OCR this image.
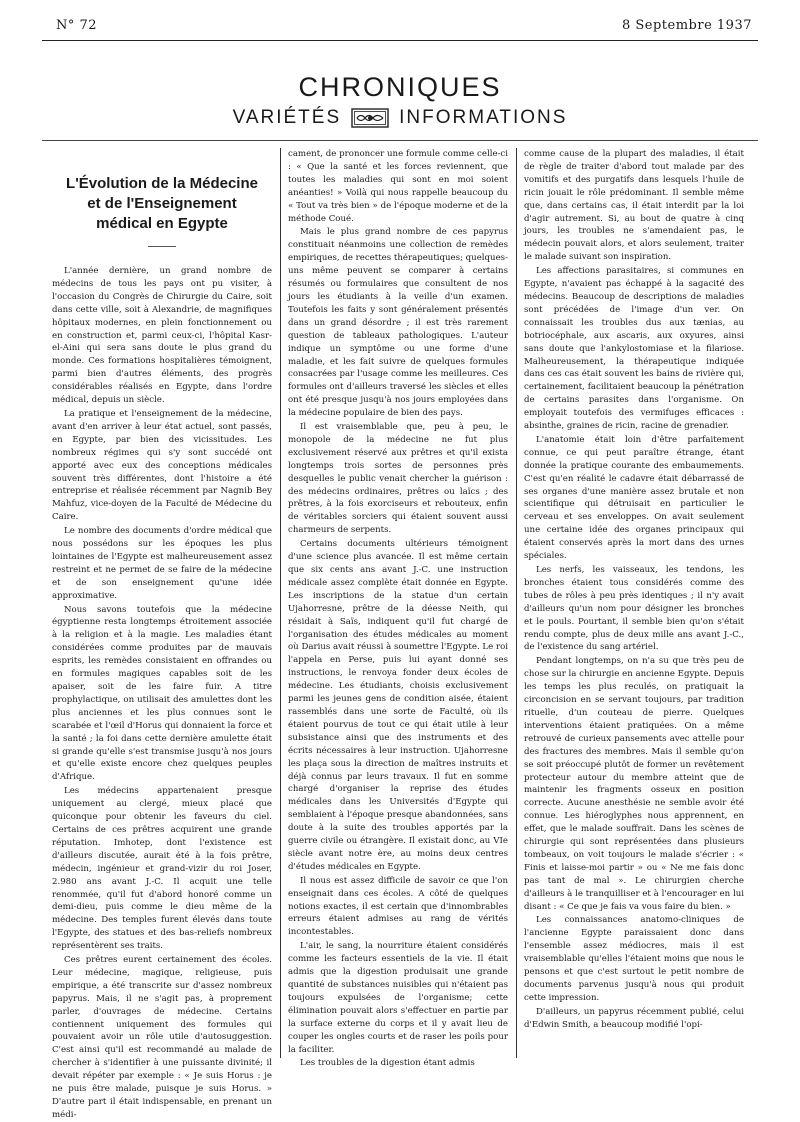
N° 72	8 Septembre 1937
CHRONIQUES
VARIÉTÉS	INFORMATIONS
L'Évolution de la Médecine et de l'Enseignement médical en Egypte

L'année dernière, un grand nombre de médecins de tous les pays ont pu visiter, à l'occasion du Congrès de Chirurgie du Caire, soit dans cette ville, soit à Alexandrie, de magnifiques hôpitaux modernes, en plein fonctionnement ou en construction et, parmi ceux-ci, l'hôpital Kasr-el-Aini qui sera sans doute le plus grand du monde. Ces formations hospitalières témoignent, parmi bien d'autres éléments, des progrès considérables réalisés en Egypte, dans l'ordre médical, depuis un siècle.

La pratique et l'enseignement de la médecine, avant d'en arriver à leur état actuel, sont passés, en Egypte, par bien des vicissitudes. Les nombreux régimes qui s'y sont succédé ont apporté avec eux des conceptions médicales souvent très différentes, dont l'histoire a été entreprise et réalisée récemment par Nagnib Bey Mahfuz, vice-doyen de la Faculté de Médecine du Caire.

Le nombre des documents d'ordre médical que nous possédons sur les époques les plus lointaines de l'Egypte est malheureusement assez restreint et ne permet de se faire de la médecine et de son enseignement qu'une idée approximative.

Nous savons toutefois que la médecine égyptienne resta longtemps étroitement associée à la religion et à la magie. Les maladies étant considérées comme produites par de mauvais esprits, les remèdes consistaient en offrandes ou en formules magiques capables soit de les apaiser, soit de les faire fuir. A titre prophylactique, on utilisait des amulettes dont les plus anciennes et les plus connues sont le scarabée et l'œil d'Horus qui donnaient la force et la santé ; la foi dans cette dernière amulette était si grande qu'elle s'est transmise jusqu'à nos jours et qu'elle existe encore chez quelques peuples d'Afrique.

Les médecins appartenaient presque uniquement au clergé, mieux placé que quiconque pour obtenir les faveurs du ciel. Certains de ces prêtres acquirent une grande réputation. Imhotep, dont l'existence est d'ailleurs discutée, aurait été à la fois prêtre, médecin, ingénieur et grand-vizir du roi Joser, 2.980 ans avant J.-C. Il acquit une telle renommée, qu'il fut d'abord honoré comme un demi-dieu, puis comme le dieu même de la médecine. Des temples furent élevés dans toute l'Egypte, des statues et des bas-reliefs nombreux représentèrent ses traits.

Ces prêtres eurent certainement des écoles. Leur médecine, magique, religieuse, puis empirique, a été transcrite sur d'assez nombreux papyrus. Mais, il ne s'agit pas, à proprement parler, d'ouvrages de médecine. Certains contiennent uniquement des formules qui pouvaient avoir un rôle utile d'autosuggestion. C'est ainsi qu'il est recommandé au malade de chercher à s'identifier à une puissante divinité; il devait répéter par exemple : « Je suis Horus : je ne puis être malade, puisque je suis Horus. » D'autre part il était indispensable, en prenant un médi-

cament, de prononcer une formule comme celle-ci : « Que la santé et les forces reviennent, que toutes les maladies qui sont en moi soient anéanties! » Voilà qui nous rappelle beaucoup du « Tout va très bien » de l'époque moderne et de la méthode Coué.

Mais le plus grand nombre de ces papyrus constituait néanmoins une collection de remèdes empiriques, de recettes thérapeutiques; quelques-uns même peuvent se comparer à certains résumés ou formulaires que consultent de nos jours les étudiants à la veille d'un examen. Toutefois les faits y sont généralement présentés dans un grand désordre ; il est très rarement question de tableaux pathologiques. L'auteur indique un symptôme ou une forme d'une maladie, et les fait suivre de quelques formules consacrées par l'usage comme les meilleures. Ces formules ont d'ailleurs traversé les siècles et elles ont été presque jusqu'à nos jours employées dans la médecine populaire de bien des pays.

Il est vraisemblable que, peu à peu, le monopole de la médecine ne fut plus exclusivement réservé aux prêtres et qu'il exista longtemps trois sortes de personnes près desquelles le public venait chercher la guérison : des médecins ordinaires, prêtres ou laïcs ; des prêtres, à la fois exorciseurs et rebouteux, enfin de véritables sorciers qui étaient souvent aussi charmeurs de serpents.

Certains documents ultérieurs témoignent d'une science plus avancée. Il est même certain que six cents ans avant J.-C. une instruction médicale assez complète était donnée en Egypte. Les inscriptions de la statue d'un certain Ujahorresne, prêtre de la déesse Neith, qui résidait à Saïs, indiquent qu'il fut chargé de l'organisation des études médicales au moment où Darius avait réussi à soumettre l'Egypte. Le roi l'appela en Perse, puis lui ayant donné ses instructions, le renvoya fonder deux écoles de médecine. Les étudiants, choisis exclusivement parmi les jeunes gens de condition aisée, étaient rassemblés dans une sorte de Faculté, où ils étaient pourvus de tout ce qui était utile à leur subsistance ainsi que des instruments et des écrits nécessaires à leur instruction. Ujahorresne les plaça sous la direction de maîtres instruits et déjà connus par leurs travaux. Il fut en somme chargé d'organiser la reprise des études médicales dans les Universités d'Egypte qui semblaient à l'époque presque abandonnées, sans doute à la suite des troubles apportés par la guerre civile ou étrangère. Il existait donc, au VIe siècle avant notre ère, au moins deux centres d'études médicales en Egypte.

Il nous est assez difficile de savoir ce que l'on enseignait dans ces écoles. A côté de quelques notions exactes, il est certain que d'innombrables erreurs étaient admises au rang de vérités incontestables.

L'air, le sang, la nourriture étaient considérés comme les facteurs essentiels de la vie. Il était admis que la digestion produisait une grande quantité de substances nuisibles qui n'étaient pas toujours expulsées de l'organisme; cette élimination pouvait alors s'effectuer en partie par la surface externe du corps et il y avait lieu de couper les ongles courts et de raser les poils pour la faciliter.

Les troubles de la digestion étant admis

comme cause de la plupart des maladies, il était de règle de traiter d'abord tout malade par des vomitifs et des purgatifs dans lesquels l'huile de ricin jouait le rôle prédominant. Il semble même que, dans certains cas, il était interdit par la loi d'agir autrement. Si, au bout de quatre à cinq jours, les troubles ne s'amendaient pas, le médecin pouvait alors, et alors seulement, traiter le malade suivant son inspiration.

Les affections parasitaires, si communes en Egypte, n'avaient pas échappé à la sagacité des médecins. Beaucoup de descriptions de maladies sont précédées de l'image d'un ver. On connaissait les troubles dus aux tænias, au botriocéphale, aux ascaris, aux oxyures, ainsi sans doute que l'ankylostomiase et la filariose. Malheureusement, la thérapeutique indiquée dans ces cas était souvent les bains de rivière qui, certainement, facilitaient beaucoup la pénétration de certains parasites dans l'organisme. On employait toutefois des vermifuges efficaces : absinthe, graines de ricin, racine de grenadier.

L'anatomie était loin d'être parfaitement connue, ce qui peut paraître étrange, étant donnée la pratique courante des embaumements. C'est qu'en réalité le cadavre était débarrassé de ses organes d'une manière assez brutale et non scientifique qui détruisait en particulier le cerveau et ses enveloppes. On avait seulement une certaine idée des organes principaux qui étaient conservés après la mort dans des urnes spéciales.

Les nerfs, les vaisseaux, les tendons, les bronches étaient tous considérés comme des tubes de rôles à peu près identiques ; il n'y avait d'ailleurs qu'un nom pour désigner les bronches et le pouls. Pourtant, il semble bien qu'on s'était rendu compte, plus de deux mille ans avant J.-C., de l'existence du sang artériel.

Pendant longtemps, on n'a su que très peu de chose sur la chirurgie en ancienne Egypte. Depuis les temps les plus reculés, on pratiquait la circoncision en se servant toujours, par tradition rituelle, d'un couteau de pierre. Quelques interventions étaient pratiquées. On a même retrouvé de curieux pansements avec attelle pour des fractures des membres. Mais il semble qu'on se soit préoccupé plutôt de former un revêtement protecteur autour du membre atteint que de maintenir les fragments osseux en position correcte. Aucune anesthésie ne semble avoir été connue. Les hiéroglyphes nous apprennent, en effet, que le malade souffrait. Dans les scènes de chirurgie qui sont représentées dans plusieurs tombeaux, on voit toujours le malade s'écrier : « Finis et laisse-moi partir » ou « Ne me fais donc pas tant de mal ». Le chirurgien cherche d'ailleurs à le tranquilliser et à l'encourager en lui disant : « Ce que je fais va vous faire du bien. »

Les connaissances anatomo-cliniques de l'ancienne Egypte paraissaient donc dans l'ensemble assez médiocres, mais il est vraisemblable qu'elles l'étaient moins que nous le pensons et que c'est surtout le petit nombre de documents parvenus jusqu'à nous qui produit cette impression.

D'ailleurs, un papyrus récemment publié, celui d'Edwin Smith, a beaucoup modifié l'opi-
